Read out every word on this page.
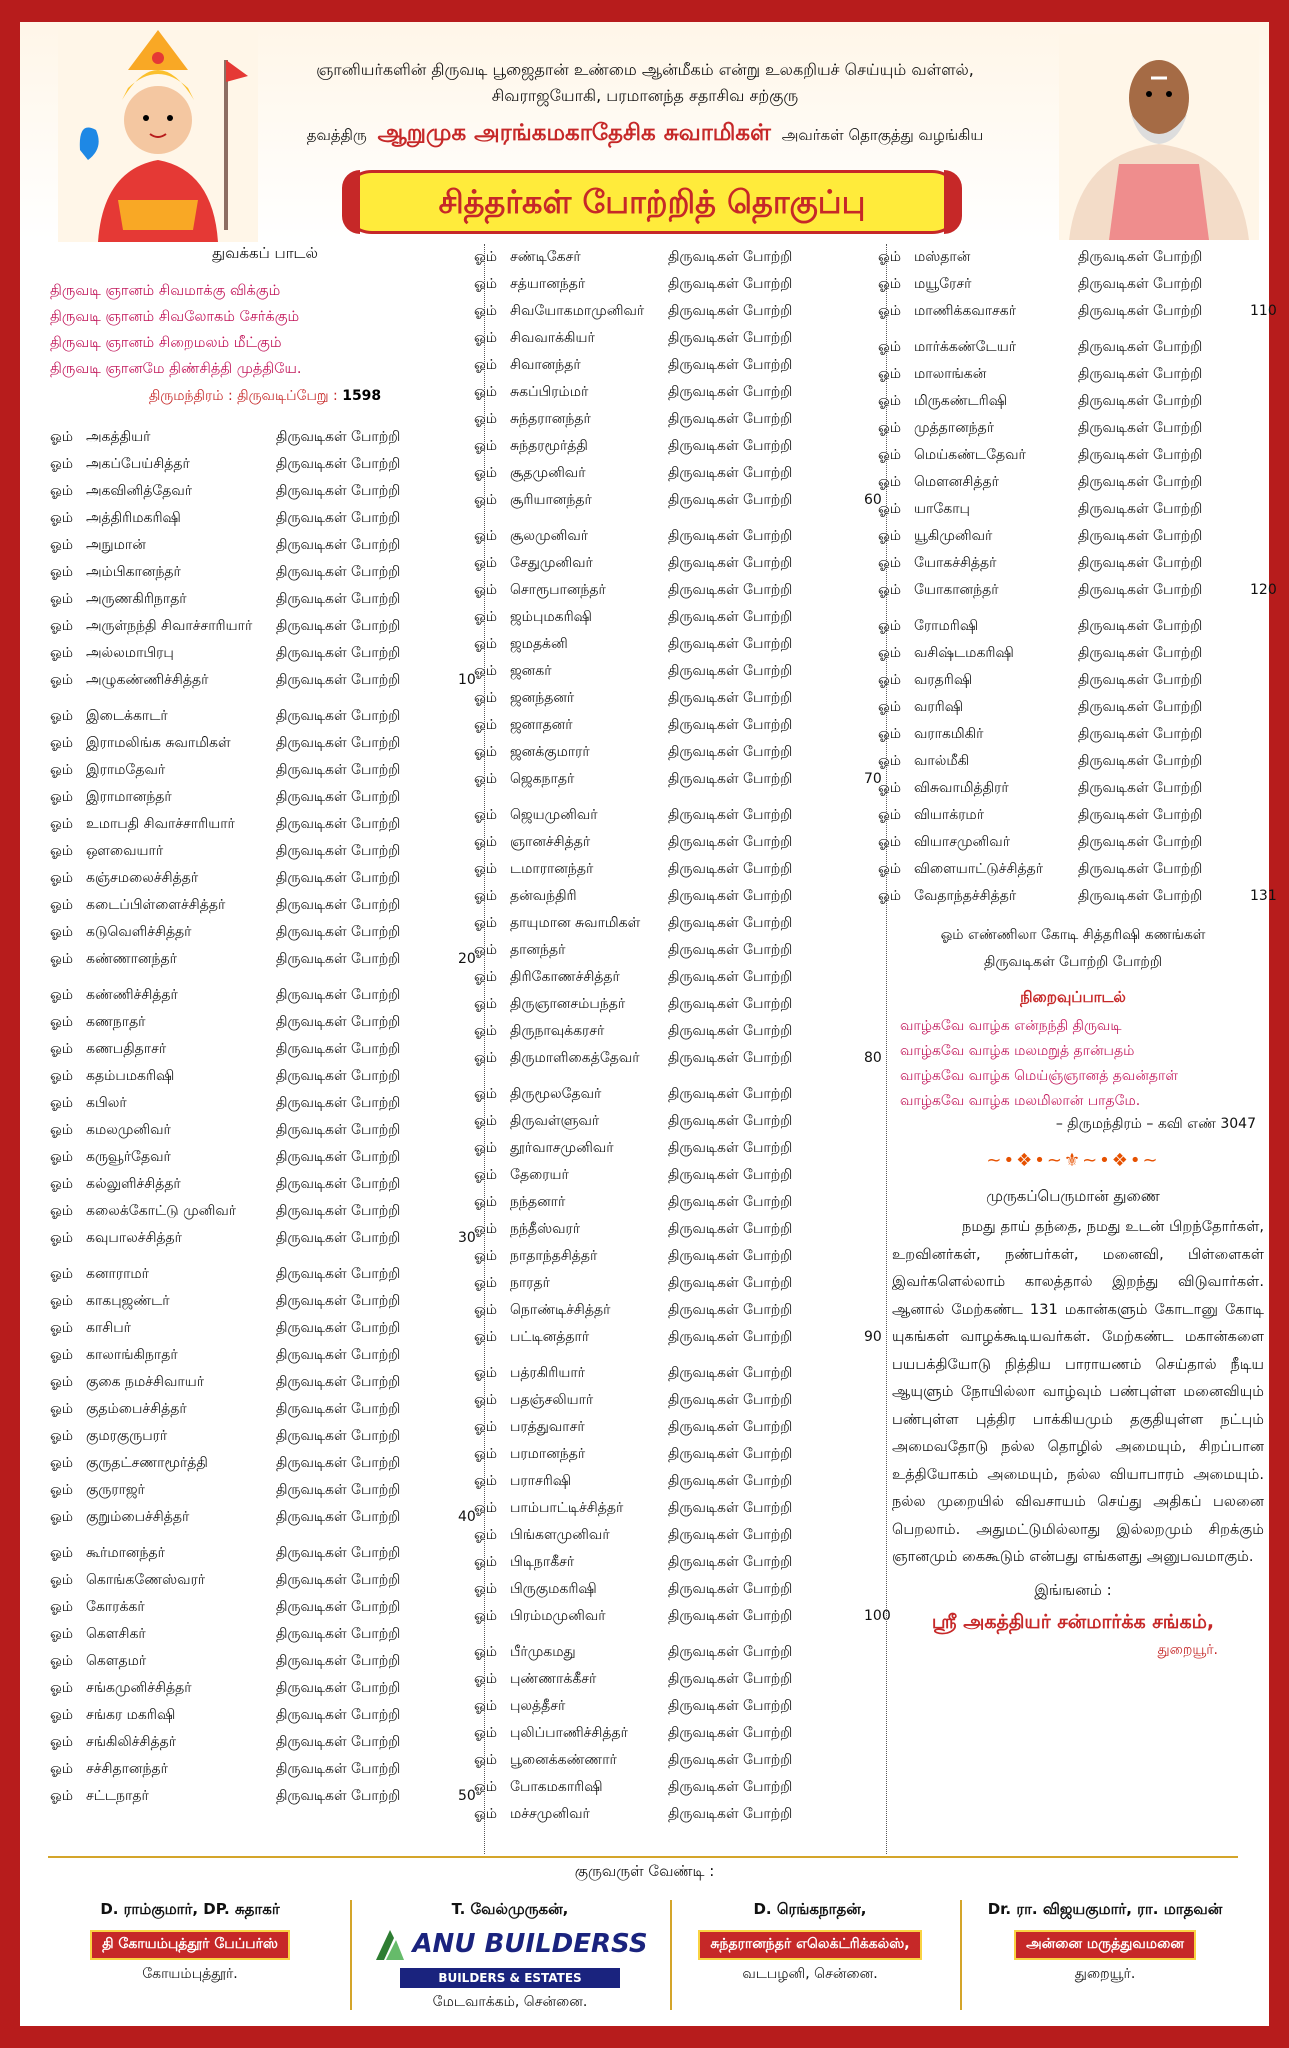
ஞானியர்களின் திருவடி பூஜைதான் உண்மை ஆன்மீகம் என்று உலகறியச் செய்யும் வள்ளல்,
சிவராஜயோகி, பரமானந்த சதாசிவ சற்குரு
தவத்திரு ஆறுமுக அரங்கமகாதேசிக சுவாமிகள் அவர்கள் தொகுத்து வழங்கிய
சித்தர்கள் போற்றித் தொகுப்பு
துவக்கப் பாடல்
திருவடி ஞானம் சிவமாக்கு விக்கும்
திருவடி ஞானம் சிவலோகம் சேர்க்கும்
திருவடி ஞானம் சிறைமலம் மீட்கும்
திருவடி ஞானமே திண்சித்தி முத்தியே.
திருமந்திரம் : திருவடிப்பேறு : 1598
ஓம் அகத்தியர்	திருவடிகள் போற்றி
ஓம் அகப்பேய்சித்தர்	திருவடிகள் போற்றி
ஓம் அகவினித்தேவர்	திருவடிகள் போற்றி
ஓம் அத்திரிமகரிஷி	திருவடிகள் போற்றி
ஓம் அநுமான்	திருவடிகள் போற்றி
ஓம் அம்பிகானந்தர்	திருவடிகள் போற்றி
ஓம் அருணகிரிநாதர்	திருவடிகள் போற்றி
ஓம் அருள்நந்தி சிவாச்சாரியார் திருவடிகள் போற்றி
ஓம் அல்லமாபிரபு	திருவடிகள் போற்றி
ஓம் அழுகண்ணிச்சித்தர்	திருவடிகள் போற்றி	10
ஓம் இடைக்காடர்	திருவடிகள் போற்றி
ஓம் இராமலிங்க சுவாமிகள்	திருவடிகள் போற்றி
ஓம் இராமதேவர்	திருவடிகள் போற்றி
ஓம் இராமானந்தர்	திருவடிகள் போற்றி
ஓம் உமாபதி சிவாச்சாரியார்	திருவடிகள் போற்றி
ஓம் ஔவையார்	திருவடிகள் போற்றி
ஓம் கஞ்சமலைச்சித்தர்	திருவடிகள் போற்றி
ஓம் கடைப்பிள்ளைச்சித்தர்	திருவடிகள் போற்றி
ஓம் கடுவெளிச்சித்தர்	திருவடிகள் போற்றி
ஓம் கண்ணானந்தர்	திருவடிகள் போற்றி	20
ஓம் கண்ணிச்சித்தர்	திருவடிகள் போற்றி
ஓம் கணநாதர்	திருவடிகள் போற்றி
ஓம் கணபதிதாசர்	திருவடிகள் போற்றி
ஓம் கதம்பமகரிஷி	திருவடிகள் போற்றி
ஓம் கபிலர்	திருவடிகள் போற்றி
ஓம் கமலமுனிவர்	திருவடிகள் போற்றி
ஓம் கருவூர்தேவர்	திருவடிகள் போற்றி
ஓம் கல்லுளிச்சித்தர்	திருவடிகள் போற்றி
ஓம் கலைக்கோட்டு முனிவர்	திருவடிகள் போற்றி
ஓம் கவுபாலச்சித்தர்	திருவடிகள் போற்றி	30
ஓம் கனாராமர்	திருவடிகள் போற்றி
ஓம் காகபுஜண்டர்	திருவடிகள் போற்றி
ஓம் காசிபர்	திருவடிகள் போற்றி
ஓம் காலாங்கிநாதர்	திருவடிகள் போற்றி
ஓம் குகை நமச்சிவாயர்	திருவடிகள் போற்றி
ஓம் குதம்பைச்சித்தர்	திருவடிகள் போற்றி
ஓம் குமரகுருபரர்	திருவடிகள் போற்றி
ஓம் குருதட்சணாமூர்த்தி	திருவடிகள் போற்றி
ஓம் குருராஜர்	திருவடிகள் போற்றி
ஓம் குறும்பைச்சித்தர்	திருவடிகள் போற்றி	40
ஓம் கூர்மானந்தர்	திருவடிகள் போற்றி
ஓம் கொங்கணேஸ்வரர்	திருவடிகள் போற்றி
ஓம் கோரக்கர்	திருவடிகள் போற்றி
ஓம் கௌசிகர்	திருவடிகள் போற்றி
ஓம் கௌதமர்	திருவடிகள் போற்றி
ஓம் சங்கமுனிச்சித்தர்	திருவடிகள் போற்றி
ஓம் சங்கர மகரிஷி	திருவடிகள் போற்றி
ஓம் சங்கிலிச்சித்தர்	திருவடிகள் போற்றி
ஓம் சச்சிதானந்தர்	திருவடிகள் போற்றி
ஓம் சட்டநாதர்	திருவடிகள் போற்றி	50
ஓம் சண்டிகேசர்	திருவடிகள் போற்றி
ஓம் சத்யானந்தர்	திருவடிகள் போற்றி
ஓம் சிவயோகமாமுனிவர் திருவடிகள் போற்றி
ஓம் சிவவாக்கியர்	திருவடிகள் போற்றி
ஓம் சிவானந்தர்	திருவடிகள் போற்றி
ஓம் சுகப்பிரம்மர்	திருவடிகள் போற்றி
ஓம் சுந்தரானந்தர்	திருவடிகள் போற்றி
ஓம் சுந்தரமூர்த்தி	திருவடிகள் போற்றி
ஓம் சூதமுனிவர்	திருவடிகள் போற்றி
ஓம் சூரியானந்தர்	திருவடிகள் போற்றி	60
ஓம் சூலமுனிவர்	திருவடிகள் போற்றி
ஓம் சேதுமுனிவர்	திருவடிகள் போற்றி
ஓம் சொரூபானந்தர்	திருவடிகள் போற்றி
ஓம் ஜம்புமகரிஷி	திருவடிகள் போற்றி
ஓம் ஜமதக்னி	திருவடிகள் போற்றி
ஓம் ஜனகர்	திருவடிகள் போற்றி
ஓம் ஜனந்தனர்	திருவடிகள் போற்றி
ஓம் ஜனாதனர்	திருவடிகள் போற்றி
ஓம் ஜனக்குமாரர்	திருவடிகள் போற்றி
ஓம் ஜெகநாதர்	திருவடிகள் போற்றி	70
ஓம் ஜெயமுனிவர்	திருவடிகள் போற்றி
ஓம் ஞானச்சித்தர்	திருவடிகள் போற்றி
ஓம் டமாரானந்தர்	திருவடிகள் போற்றி
ஓம் தன்வந்திரி	திருவடிகள் போற்றி
ஓம் தாயுமான சுவாமிகள் திருவடிகள் போற்றி
ஓம் தானந்தர்	திருவடிகள் போற்றி
ஓம் திரிகோணச்சித்தர்	திருவடிகள் போற்றி
ஓம் திருஞானசம்பந்தர்	திருவடிகள் போற்றி
ஓம் திருநாவுக்கரசர்	திருவடிகள் போற்றி
ஓம் திருமாளிகைத்தேவர் திருவடிகள் போற்றி	80
ஓம் திருமூலதேவர்	திருவடிகள் போற்றி
ஓம் திருவள்ளுவர்	திருவடிகள் போற்றி
ஓம் தூர்வாசமுனிவர்	திருவடிகள் போற்றி
ஓம் தேரையர்	திருவடிகள் போற்றி
ஓம் நந்தனார்	திருவடிகள் போற்றி
ஓம் நந்தீஸ்வரர்	திருவடிகள் போற்றி
ஓம் நாதாந்தசித்தர்	திருவடிகள் போற்றி
ஓம் நாரதர்	திருவடிகள் போற்றி
ஓம் நொண்டிச்சித்தர்	திருவடிகள் போற்றி
ஓம் பட்டினத்தார்	திருவடிகள் போற்றி	90
ஓம் பத்ரகிரியார்	திருவடிகள் போற்றி
ஓம் பதஞ்சலியார்	திருவடிகள் போற்றி
ஓம் பரத்துவாசர்	திருவடிகள் போற்றி
ஓம் பரமானந்தர்	திருவடிகள் போற்றி
ஓம் பராசரிஷி	திருவடிகள் போற்றி
ஓம் பாம்பாட்டிச்சித்தர்	திருவடிகள் போற்றி
ஓம் பிங்களமுனிவர்	திருவடிகள் போற்றி
ஓம் பிடிநாகீசர்	திருவடிகள் போற்றி
ஓம் பிருகுமகரிஷி	திருவடிகள் போற்றி
ஓம் பிரம்மமுனிவர்	திருவடிகள் போற்றி	100
ஓம் பீர்முகமது	திருவடிகள் போற்றி
ஓம் புண்ணாக்கீசர்	திருவடிகள் போற்றி
ஓம் புலத்தீசர்	திருவடிகள் போற்றி
ஓம் புலிப்பாணிச்சித்தர்	திருவடிகள் போற்றி
ஓம் பூனைக்கண்ணார்	திருவடிகள் போற்றி
ஓம் போகமகாரிஷி	திருவடிகள் போற்றி
ஓம் மச்சமுனிவர்	திருவடிகள் போற்றி
ஓம் மஸ்தான்	திருவடிகள் போற்றி
ஓம் மயூரேசர்	திருவடிகள் போற்றி
ஓம் மாணிக்கவாசகர்	திருவடிகள் போற்றி	110
ஓம் மார்க்கண்டேயர்	திருவடிகள் போற்றி
ஓம் மாலாங்கன்	திருவடிகள் போற்றி
ஓம் மிருகண்டரிஷி	திருவடிகள் போற்றி
ஓம் முத்தானந்தர்	திருவடிகள் போற்றி
ஓம் மெய்கண்டதேவர்	திருவடிகள் போற்றி
ஓம் மௌனசித்தர்	திருவடிகள் போற்றி
ஓம் யாகோபு	திருவடிகள் போற்றி
ஓம் யூகிமுனிவர்	திருவடிகள் போற்றி
ஓம் யோகச்சித்தர்	திருவடிகள் போற்றி
ஓம் யோகானந்தர்	திருவடிகள் போற்றி	120
ஓம் ரோமரிஷி	திருவடிகள் போற்றி
ஓம் வசிஷ்டமகரிஷி	திருவடிகள் போற்றி
ஓம் வரதரிஷி	திருவடிகள் போற்றி
ஓம் வரரிஷி	திருவடிகள் போற்றி
ஓம் வராகமிகிர்	திருவடிகள் போற்றி
ஓம் வால்மீகி	திருவடிகள் போற்றி
ஓம் விசுவாமித்திரர்	திருவடிகள் போற்றி
ஓம் வியாக்ரமர்	திருவடிகள் போற்றி
ஓம் வியாசமுனிவர்	திருவடிகள் போற்றி
ஓம் விளையாட்டுச்சித்தர் திருவடிகள் போற்றி
ஓம் வேதாந்தச்சித்தர்	திருவடிகள் போற்றி	131
ஓம் எண்ணிலா கோடி சித்தரிஷி கணங்கள்
திருவடிகள் போற்றி போற்றி
நிறைவுப்பாடல்
வாழ்கவே வாழ்க என்நந்தி திருவடி
வாழ்கவே வாழ்க மலமறுத் தான்பதம்
வாழ்கவே வாழ்க மெய்ஞ்ஞானத் தவன்தாள்
வாழ்கவே வாழ்க மலமிலான் பாதமே.
– திருமந்திரம் – கவி எண் 3047
~•❖•~⚜~•❖•~
முருகப்பெருமான் துணை
நமது தாய் தந்தை, நமது உடன் பிறந்தோர்கள், உறவினர்கள், நண்பர்கள், மனைவி, பிள்ளைகள் இவர்களெல்லாம் காலத்தால் இறந்து விடுவார்கள். ஆனால் மேற்கண்ட 131 மகான்களும் கோடானு கோடி யுகங்கள் வாழக்கூடியவர்கள். மேற்கண்ட மகான்களை பயபக்தியோடு நித்திய பாராயணம் செய்தால் நீடிய ஆயுளும் நோயில்லா வாழ்வும் பண்புள்ள மனைவியும் பண்புள்ள புத்திர பாக்கியமும் தகுதியுள்ள நட்பும் அமைவதோடு நல்ல தொழில் அமையும், சிறப்பான உத்தியோகம் அமையும், நல்ல வியாபாரம் அமையும். நல்ல முறையில் விவசாயம் செய்து அதிகப் பலனை பெறலாம். அதுமட்டுமில்லாது இல்லறமும் சிறக்கும் ஞானமும் கைகூடும் என்பது எங்களது அனுபவமாகும்.
இங்ஙனம் :
ஸ்ரீ அகத்தியர் சன்மார்க்க சங்கம்,
துறையூர்.
குருவருள் வேண்டி :
D. ராம்குமார், DP. சுதாகர்
தி கோயம்புத்தூர் பேப்பர்ஸ்
கோயம்புத்தூர்.
T. வேல்முருகன்,
ANU BUILDERSS
BUILDERS & ESTATES
மேடவாக்கம், சென்னை.
D. ரெங்கநாதன்,
சுந்தரானந்தர் எலெக்ட்ரிக்கல்ஸ்,
வடபழனி, சென்னை.
Dr. ரா. விஜயகுமார், ரா. மாதவன்
அன்னை மருத்துவமனை
துறையூர்.
